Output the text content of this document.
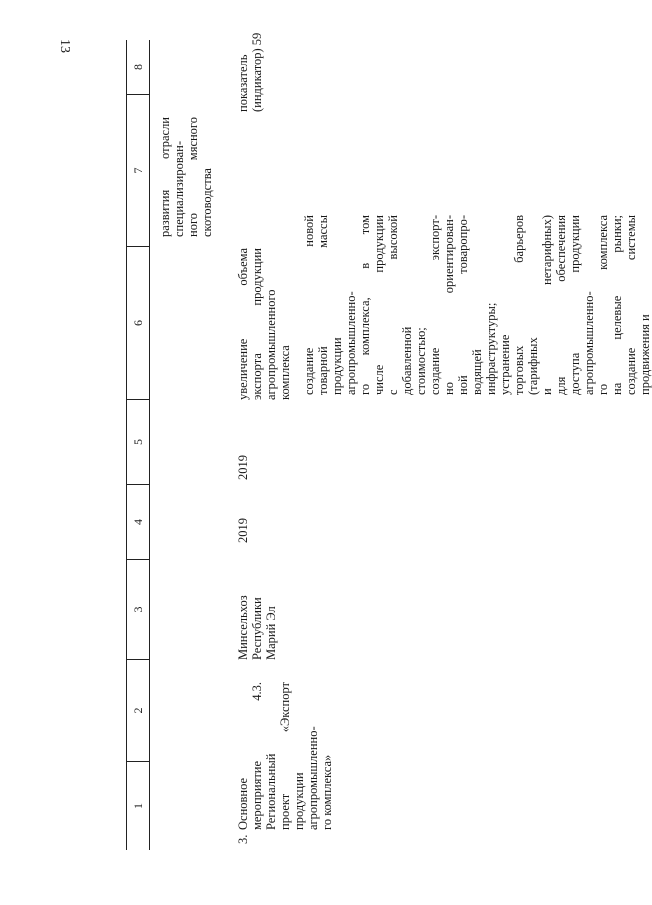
13
1
2
3
4
5
6
7
8
развития отрасли специализирован- ного мясного скотоводства
3.
Основное мероприятие 4.3. Региональный проект «Экспорт продукции агропромышленно- го комплекса»
Минсельхоз Республики Марий Эл
2019
2019
увеличение объема экспорта продукции агропромышленного комплекса создание новой товарной массы продукции агропромышленно- го комплекса, в том числе продукции с высокой добавленной стоимостью; создание экспорт- но ориентирован- ной товаропро- водящей инфраструктуры; устранение торговых барьеров (тарифных и нетарифных) для обеспечения доступа продукции агропромышленно- го комплекса на целевые рынки; создание системы продвижения и
показатель (индикатор) 59
